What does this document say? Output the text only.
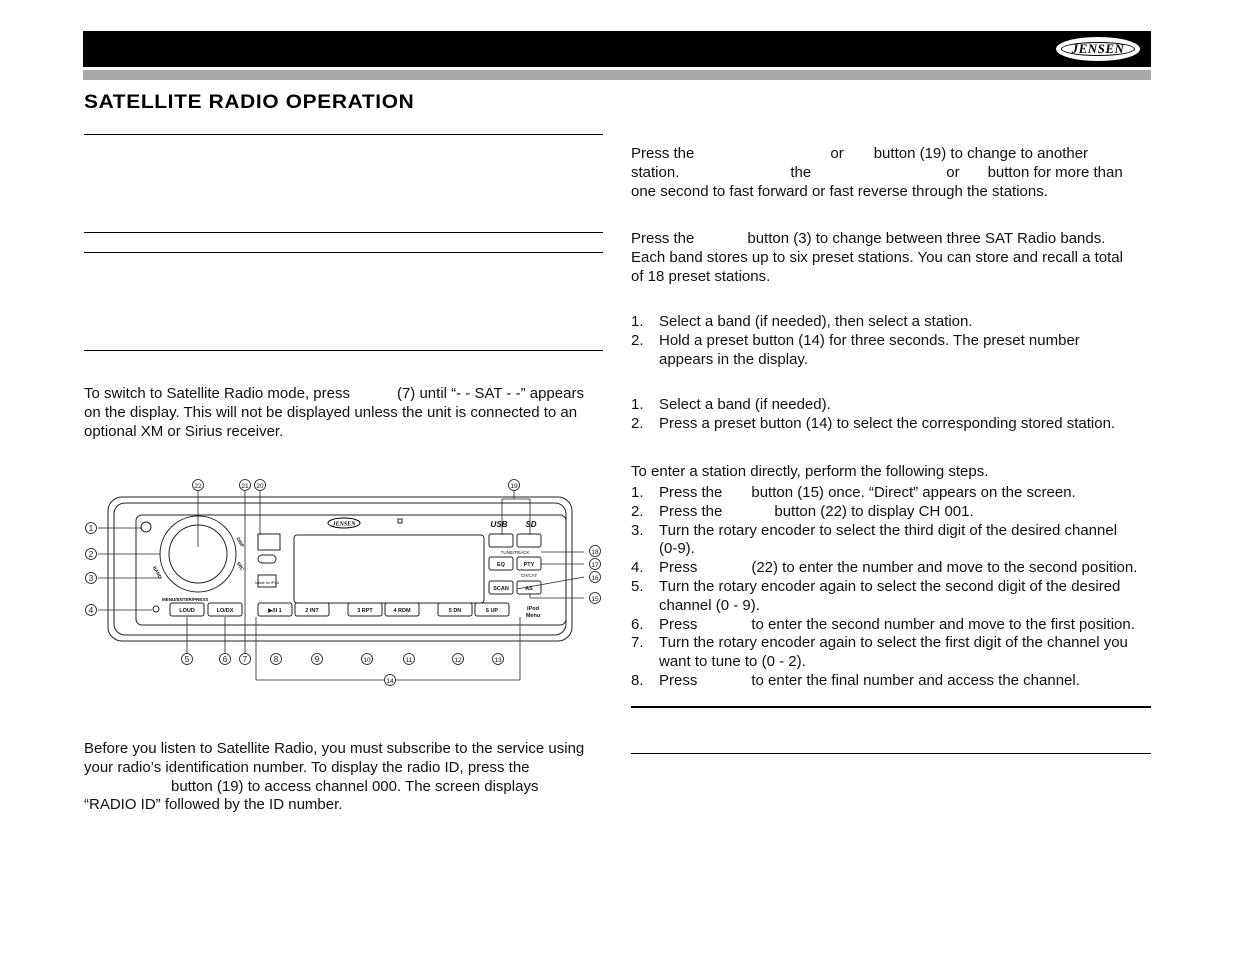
JENSEN
SATELLITE RADIO OPERATION
To switch to Satellite Radio mode, press	(7) until “- - SAT - -” appears
on the display. This will not be displayed unless the unit is connected to an
optional XM or Sirius receiver.
JENSEN
LOUD	LO/DX	▶/II 1	2 INT	3 RPT	4 RDM	5 DN	6 UP	iPod
Menu
EQ	PTY
SCAN	AS
TUNE/TRACK
CH/CAT
USB SD
Made for iPod
MENU/ENTER/PRESS
BAND
DISP
SRC
1
2
3
4
5	6 7	8	9	10	11	12	13
14
15
16
17
18
19
20
21
22
Before you listen to Satellite Radio, you must subscribe to the service using
your radio’s identification number. To display the radio ID, press the
button (19) to access channel 000. The screen displays
“RADIO ID” followed by the ID number.
Press the	or button (19) to change to another
station.	the	or button for more than
one second to fast forward or fast reverse through the stations.
Press the	button (3) to change between three SAT Radio bands.
Each band stores up to six preset stations. You can store and recall a total
of 18 preset stations.
1. Select a band (if needed), then select a station.
2. Hold a preset button (14) for three seconds. The preset number
appears in the display.
1. Select a band (if needed).
2. Press a preset button (14) to select the corresponding stored station.
To enter a station directly, perform the following steps.
1. Press the button (15) once. “Direct” appears on the screen.
2. Press the	button (22) to display CH 001.
3. Turn the rotary encoder to select the third digit of the desired channel
(0-9).
4. Press	(22) to enter the number and move to the second position.
5. Turn the rotary encoder again to select the second digit of the desired
channel (0 - 9).
6. Press	to enter the second number and move to the first position.
7. Turn the rotary encoder again to select the first digit of the channel you
want to tune to (0 - 2).
8. Press	to enter the final number and access the channel.
